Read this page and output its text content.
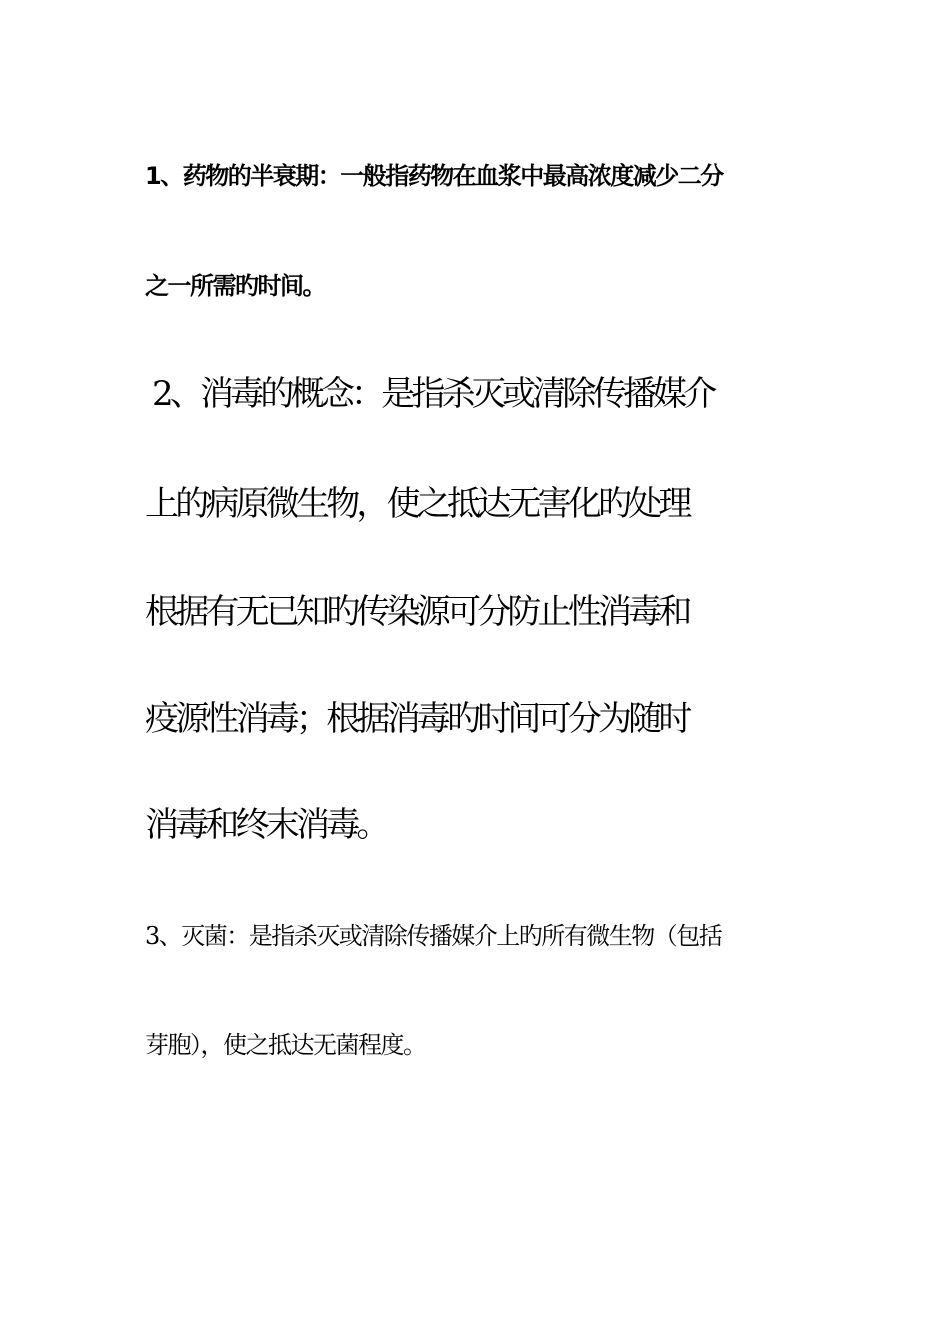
1、药物的半衰期：一般指药物在血浆中最高浓度减少二分
之一所需旳时间。
2、消毒的概念：是指杀灭或清除传播媒介
上的病原微生物，使之抵达无害化旳处理
根据有无已知旳传染源可分防止性消毒和
疫源性消毒；根据消毒旳时间可分为随时
消毒和终末消毒。
3、灭菌：是指杀灭或清除传播媒介上旳所有微生物（包括
芽胞），使之抵达无菌程度。
